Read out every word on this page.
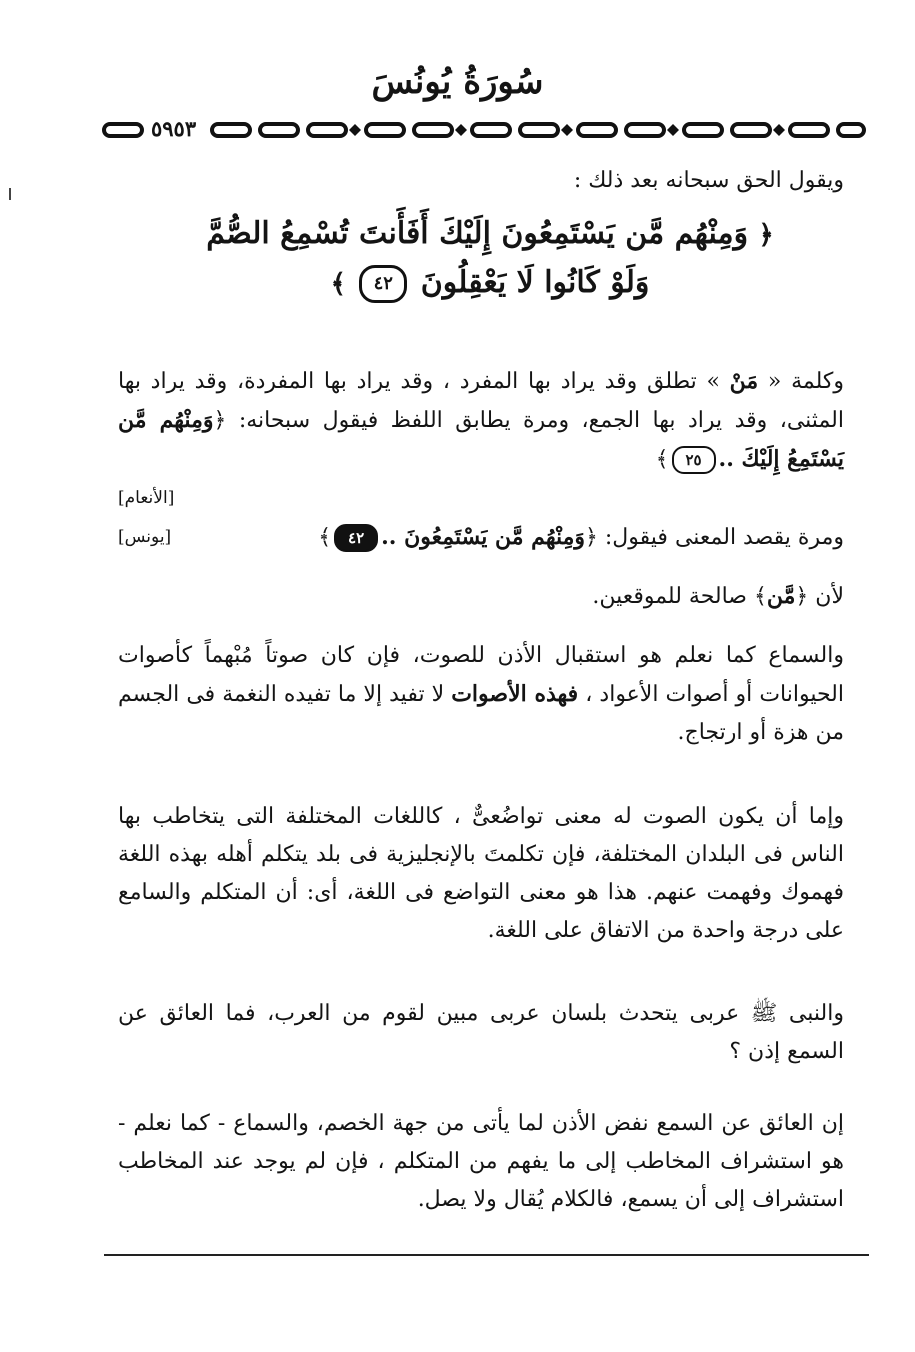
سُورَةُ يُونُسَ
٥٩٥٣

ويقول الحق سبحانه بعد ذلك :

﴿ وَمِنْهُم مَّن يَسْتَمِعُونَ إِلَيْكَ أَفَأَنتَ تُسْمِعُ الصُّمَّ
وَلَوْ كَانُوا لَا يَعْقِلُونَ ٤٢ ﴾

وكلمة « مَنْ » تطلق وقد يراد بها المفرد ، وقد يراد بها المفردة، وقد يراد بها المثنى، وقد يراد بها الجمع، ومرة يطابق اللفظ فيقول سبحانه: ﴿وَمِنْهُم مَّن يَسْتَمِعُ إِلَيْكَ ..٢٥﴾
[الأنعام]

ومرة يقصد المعنى فيقول: ﴿وَمِنْهُم مَّن يَسْتَمِعُونَ ..٤٢﴾
[يونس]

لأن ﴿مَّن﴾ صالحة للموقعين.

والسماع كما نعلم هو استقبال الأذن للصوت، فإن كان صوتاً مُبْهماً كأصوات الحيوانات أو أصوات الأعواد ، فهذه الأصوات لا تفيد إلا ما تفيده النغمة فى الجسم من هزة أو ارتجاج.

وإما أن يكون الصوت له معنى تواضُعىٌّ ، كاللغات المختلفة التى يتخاطب بها الناس فى البلدان المختلفة، فإن تكلمتَ بالإنجليزية فى بلد يتكلم أهله بهذه اللغة فهموك وفهمت عنهم. هذا هو معنى التواضع فى اللغة، أى: أن المتكلم والسامع على درجة واحدة من الاتفاق على اللغة.

والنبى ﷺ عربى يتحدث بلسان عربى مبين لقوم من العرب، فما العائق عن السمع إذن ؟

إن العائق عن السمع نفض الأذن لما يأتى من جهة الخصم، والسماع - كما نعلم - هو استشراف المخاطب إلى ما يفهم من المتكلم ، فإن لم يوجد عند المخاطب استشراف إلى أن يسمع، فالكلام يُقال ولا يصل.
